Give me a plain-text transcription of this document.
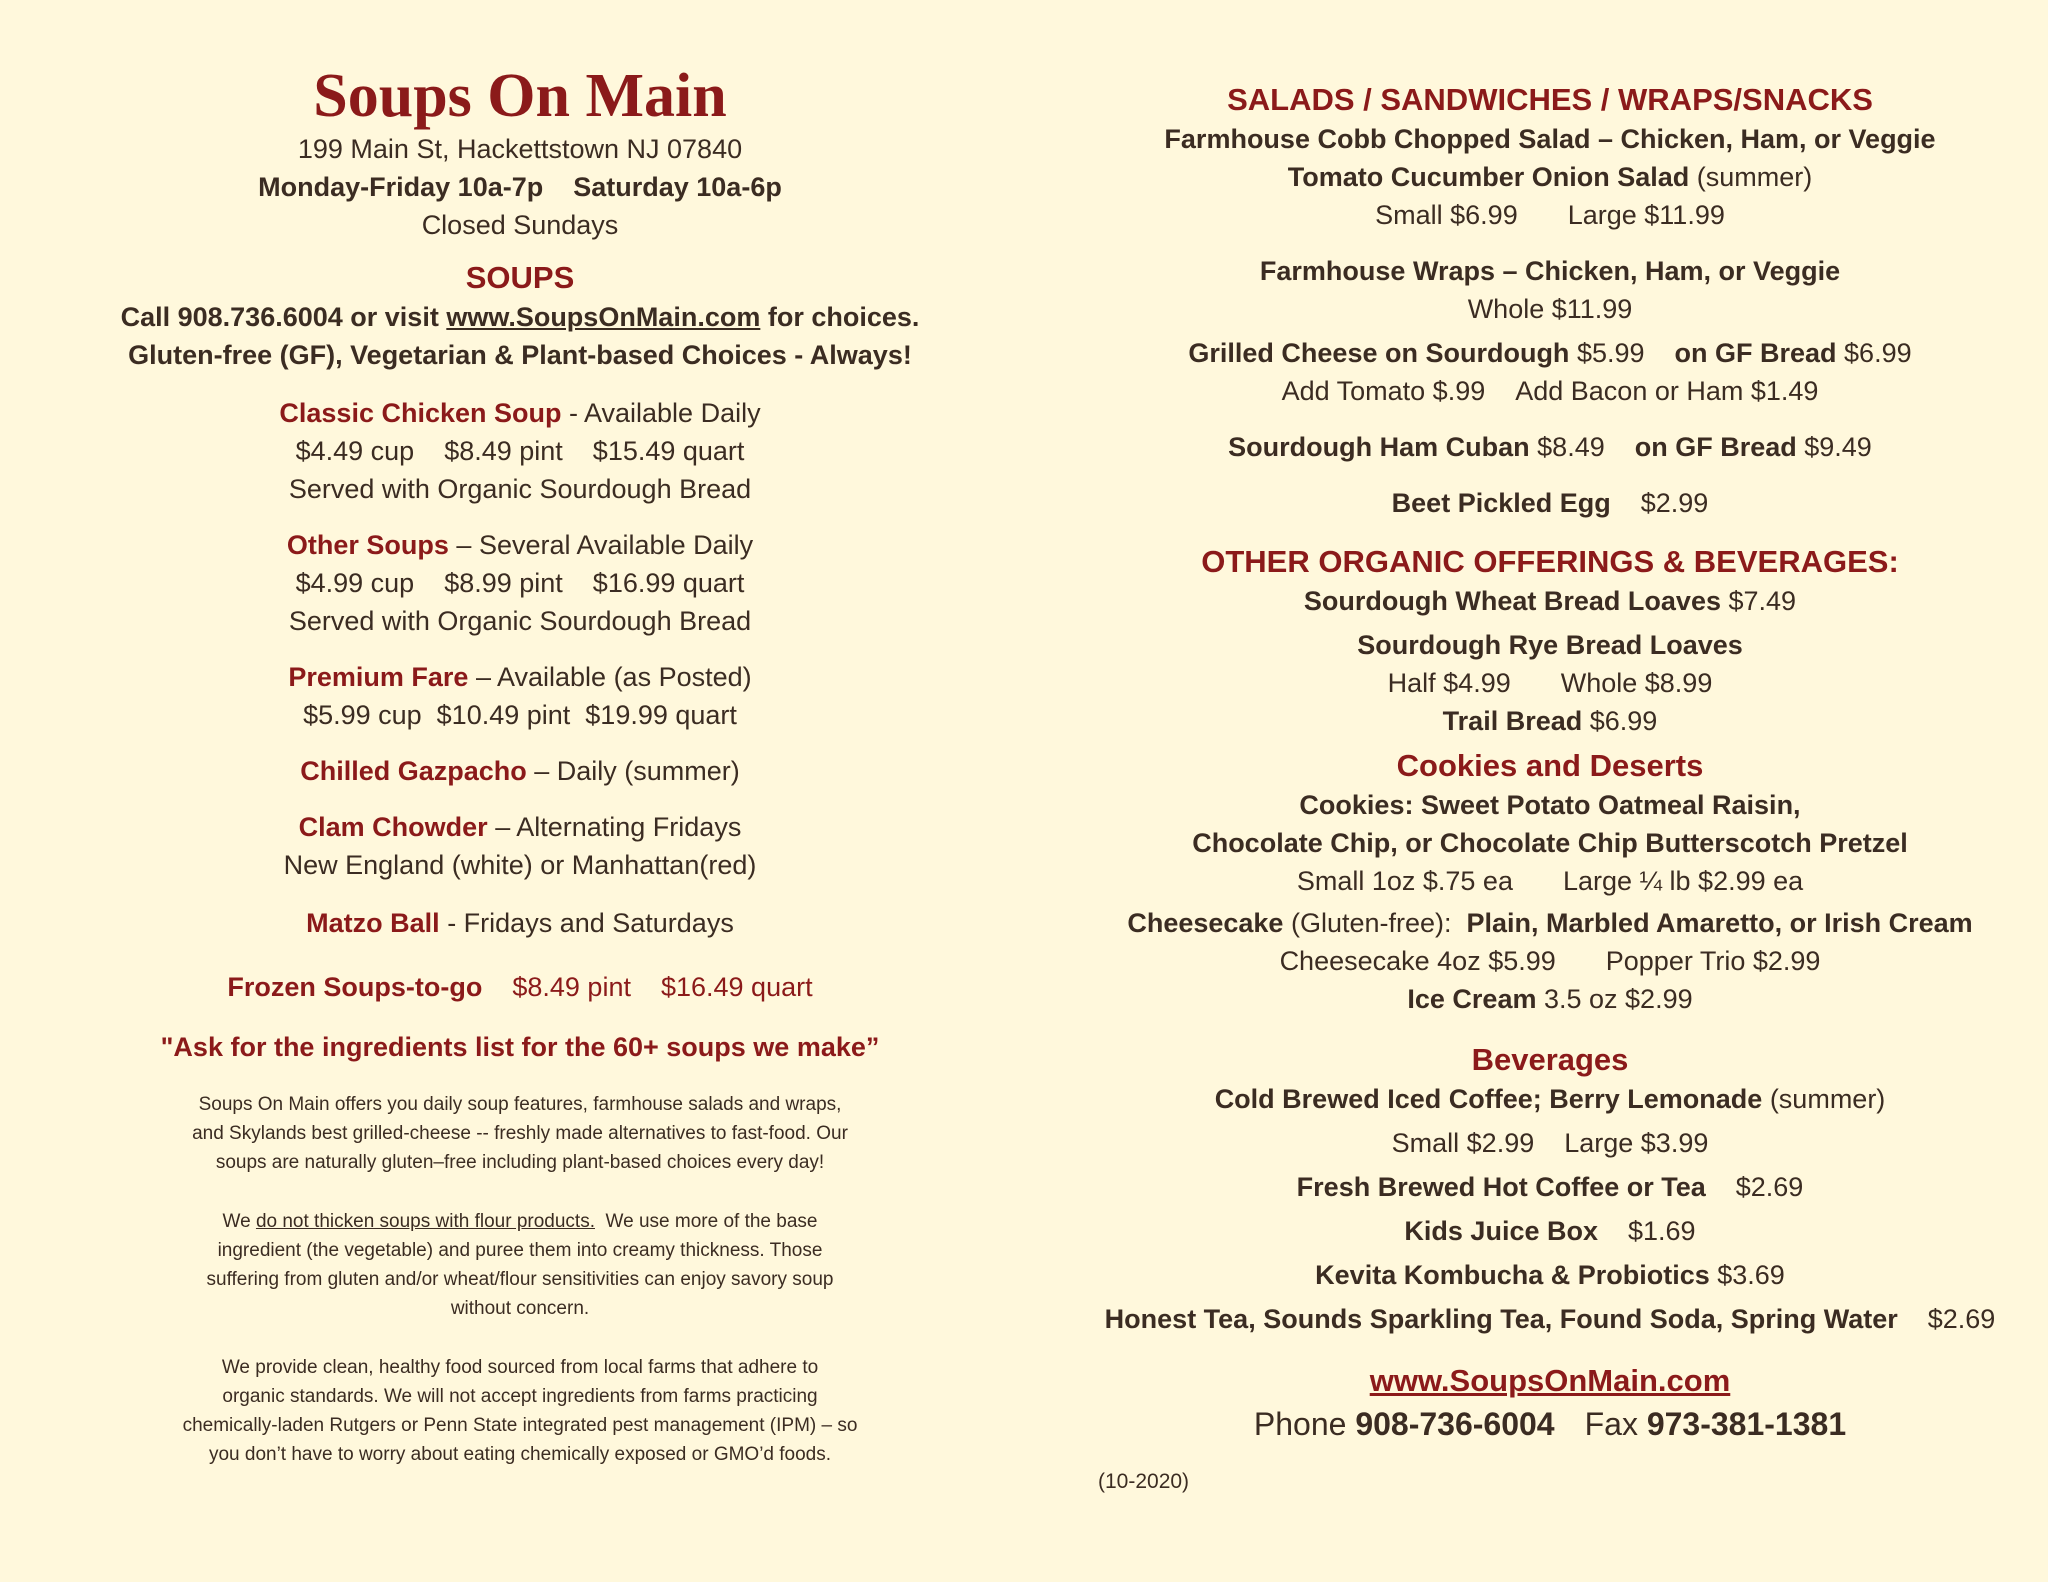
Soups On Main
199 Main St, Hackettstown NJ 07840
Monday-Friday 10a-7p Saturday 10a-6p
Closed Sundays
SOUPS
Call 908.736.6004 or visit www.SoupsOnMain.com for choices.
Gluten-free (GF), Vegetarian & Plant-based Choices - Always!
Classic Chicken Soup - Available Daily
$4.49 cup $8.49 pint $15.49 quart
Served with Organic Sourdough Bread
Other Soups – Several Available Daily
$4.99 cup $8.99 pint $16.99 quart
Served with Organic Sourdough Bread
Premium Fare – Available (as Posted)
$5.99 cup  $10.49 pint  $19.99 quart
Chilled Gazpacho – Daily (summer)
Clam Chowder – Alternating Fridays
New England (white) or Manhattan(red)
Matzo Ball - Fridays and Saturdays
Frozen Soups-to-go $8.49 pint $16.49 quart
"Ask for the ingredients list for the 60+ soups we make”
Soups On Main offers you daily soup features, farmhouse salads and wraps,
and Skylands best grilled-cheese -- freshly made alternatives to fast-food. Our
soups are naturally gluten–free including plant-based choices every day!
We do not thicken soups with flour products.  We use more of the base
ingredient (the vegetable) and puree them into creamy thickness. Those
suffering from gluten and/or wheat/flour sensitivities can enjoy savory soup
without concern.
We provide clean, healthy food sourced from local farms that adhere to
organic standards. We will not accept ingredients from farms practicing
chemically-laden Rutgers or Penn State integrated pest management (IPM) – so
you don’t have to worry about eating chemically exposed or GMO’d foods.
SALADS / SANDWICHES / WRAPS/SNACKS
Farmhouse Cobb Chopped Salad – Chicken, Ham, or Veggie
Tomato Cucumber Onion Salad (summer)
Small $6.99 Large $11.99
Farmhouse Wraps – Chicken, Ham, or Veggie
Whole $11.99
Grilled Cheese on Sourdough $5.99 on GF Bread $6.99
Add Tomato $.99 Add Bacon or Ham $1.49
Sourdough Ham Cuban $8.49 on GF Bread $9.49
Beet Pickled Egg $2.99
OTHER ORGANIC OFFERINGS & BEVERAGES:
Sourdough Wheat Bread Loaves $7.49
Sourdough Rye Bread Loaves
Half $4.99 Whole $8.99
Trail Bread $6.99
Cookies and Deserts
Cookies: Sweet Potato Oatmeal Raisin,
Chocolate Chip, or Chocolate Chip Butterscotch Pretzel
Small 1oz $.75 ea Large ¼ lb $2.99 ea
Cheesecake (Gluten-free):  Plain, Marbled Amaretto, or Irish Cream
Cheesecake 4oz $5.99 Popper Trio $2.99
Ice Cream 3.5 oz $2.99
Beverages
Cold Brewed Iced Coffee; Berry Lemonade (summer)
Small $2.99 Large $3.99
Fresh Brewed Hot Coffee or Tea $2.69
Kids Juice Box $1.69
Kevita Kombucha & Probiotics $3.69
Honest Tea, Sounds Sparkling Tea, Found Soda, Spring Water $2.69
www.SoupsOnMain.com
Phone 908-736-6004 Fax 973-381-1381
(10-2020)
